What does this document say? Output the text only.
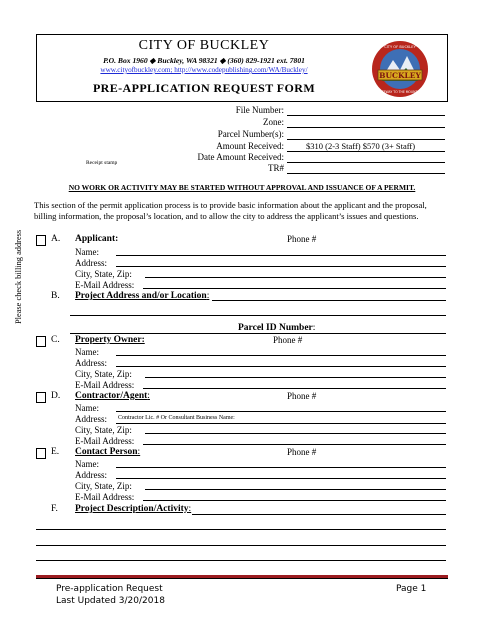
CITY OF BUCKLEY
P.O. Box 1960 ◆ Buckley, WA 98321 ◆ (360) 829-1921 ext. 7801
www.cityofbuckley.com; http://www.codepublishing.com/WA/Buckley/
PRE-APPLICATION REQUEST FORM
BUCKLEY
CITY OF BUCKLEY
GATEWAY TO THE MOUNTAIN
File Number:
Zone:
Parcel Number(s):
Amount Received:	$310 (2-3 Staff) $570 (3+ Staff)
Date Amount Received:
TR#
Receipt stamp
NO WORK OR ACTIVITY MAY BE STARTED WITHOUT APPROVAL AND ISSUANCE OF A PERMIT.
This section of the permit application process is to provide basic information about the applicant and the proposal, billing information, the proposal’s location, and to allow the city to address the applicant’s issues and questions.
Please check billing address	A. Applicant:	Phone #
Name:
Address:
City, State, Zip:
E-Mail Address:
B. Project Address and/or Location:
Parcel ID Number:
C. Property Owner:	Phone #
Name:
Address:
City, State, Zip:
E-Mail Address:
D. Contractor/Agent:	Phone #
Name:
Address: Contractor Lic. # Or Consultant Business Name:
City, State, Zip:
E-Mail Address:
E. Contact Person:	Phone #
Name:
Address:
City, State, Zip:
E-Mail Address:
F. Project Description/Activity:
Pre-application Request
Last Updated 3/20/2018
Page 1
